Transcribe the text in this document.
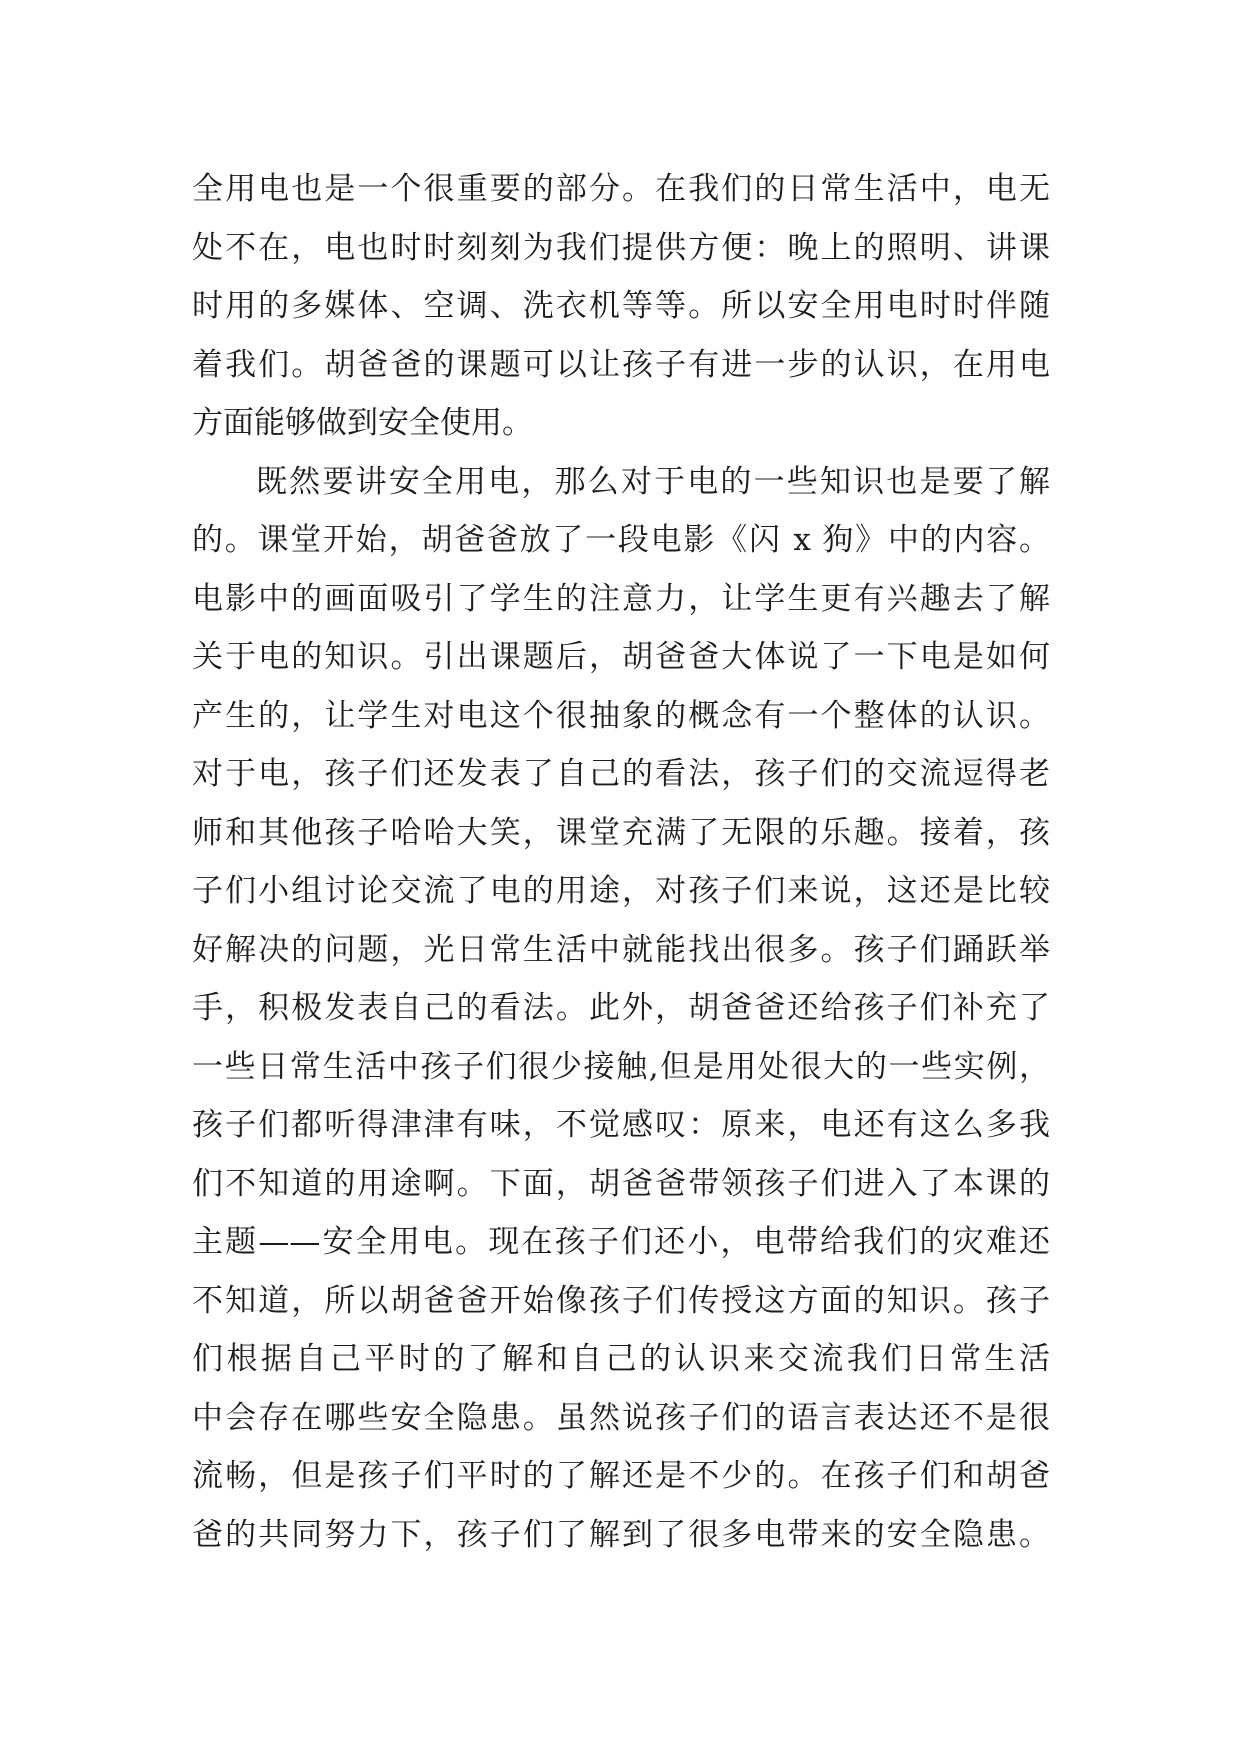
全用电也是一个很重要的部分。在我们的日常生活中，电无
处不在，电也时时刻刻为我们提供方便：晚上的照明、讲课
时用的多媒体、空调、洗衣机等等。所以安全用电时时伴随
着我们。胡爸爸的课题可以让孩子有进一步的认识，在用电
方面能够做到安全使用。
既然要讲安全用电，那么对于电的一些知识也是要了解
的。课堂开始，胡爸爸放了一段电影《闪 x 狗》中的内容。
电影中的画面吸引了学生的注意力，让学生更有兴趣去了解
关于电的知识。引出课题后，胡爸爸大体说了一下电是如何
产生的，让学生对电这个很抽象的概念有一个整体的认识。
对于电，孩子们还发表了自己的看法，孩子们的交流逗得老
师和其他孩子哈哈大笑，课堂充满了无限的乐趣。接着，孩
子们小组讨论交流了电的用途，对孩子们来说，这还是比较
好解决的问题，光日常生活中就能找出很多。孩子们踊跃举
手，积极发表自己的看法。此外，胡爸爸还给孩子们补充了
一些日常生活中孩子们很少接触,但是用处很大的一些实例，
孩子们都听得津津有味，不觉感叹：原来，电还有这么多我
们不知道的用途啊。下面，胡爸爸带领孩子们进入了本课的
主题——安全用电。现在孩子们还小，电带给我们的灾难还
不知道，所以胡爸爸开始像孩子们传授这方面的知识。孩子
们根据自己平时的了解和自己的认识来交流我们日常生活
中会存在哪些安全隐患。虽然说孩子们的语言表达还不是很
流畅，但是孩子们平时的了解还是不少的。在孩子们和胡爸
爸的共同努力下，孩子们了解到了很多电带来的安全隐患。
